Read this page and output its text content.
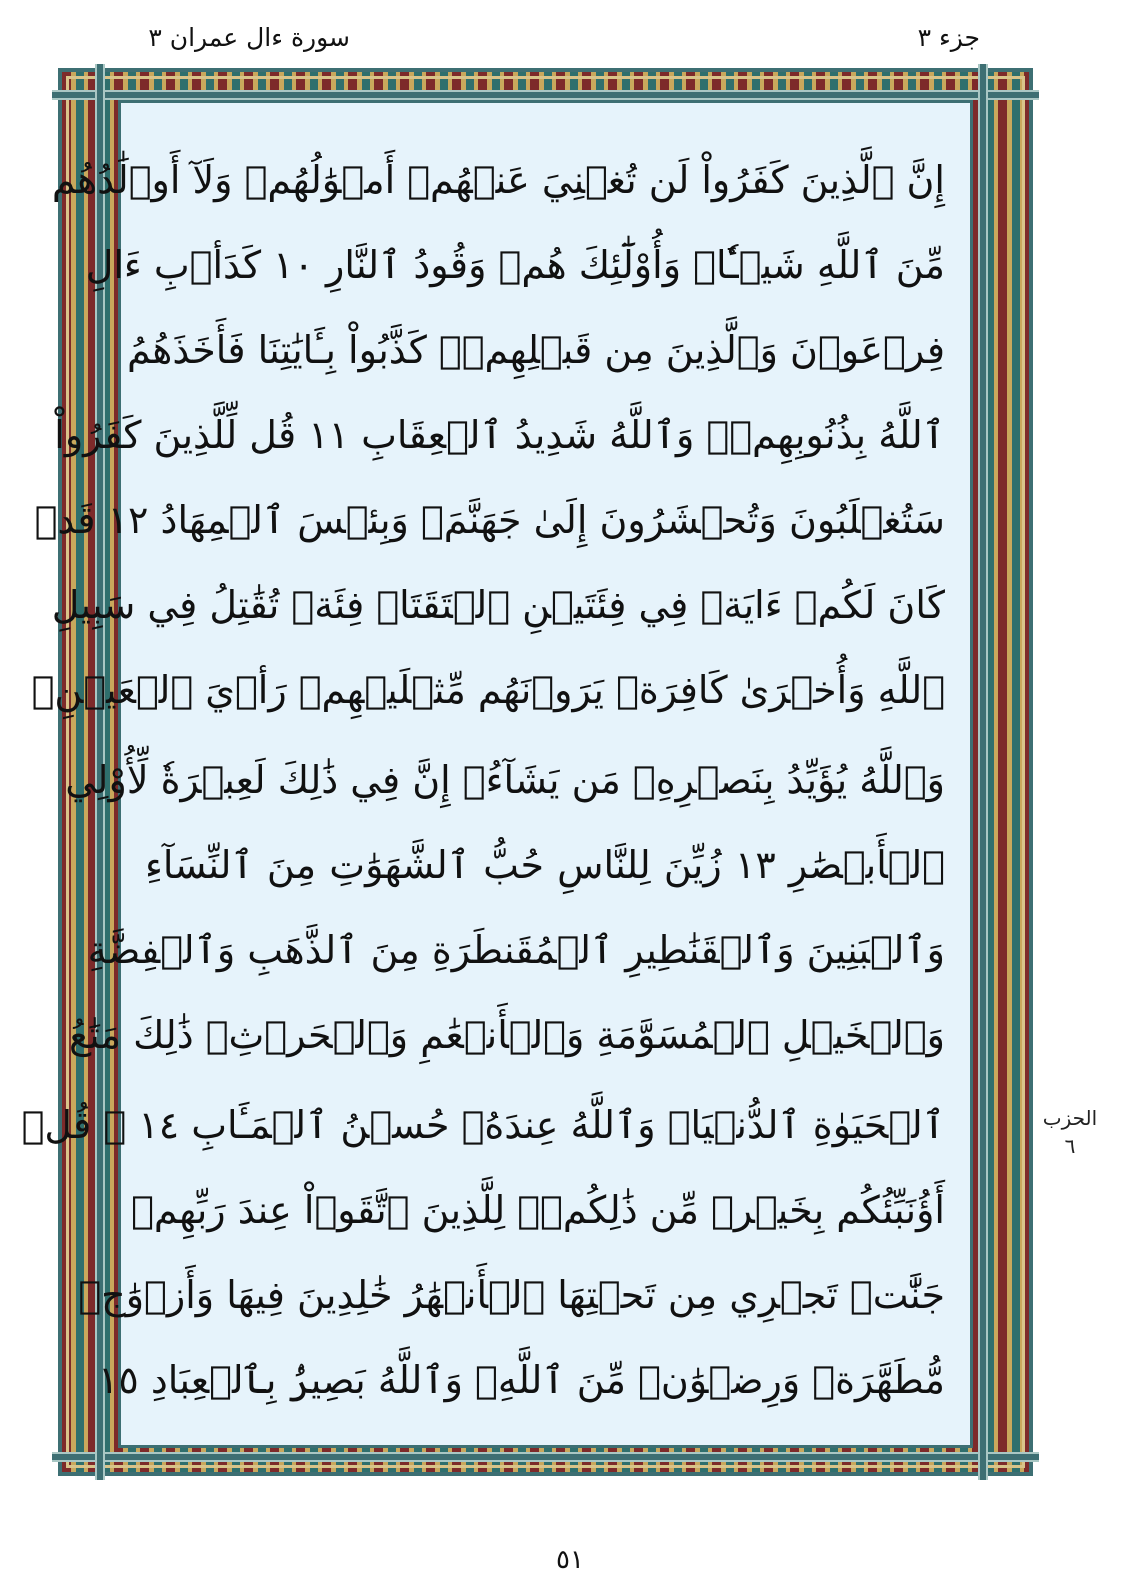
جزء ٣
سورة ءال عمران ٣
إِنَّ ٱلَّذِينَ كَفَرُواْ لَن تُغۡنِيَ عَنۡهُمۡ أَمۡوَٰلُهُمۡ وَلَآ أَوۡلَٰدُهُم
مِّنَ ٱللَّهِ شَيۡـٔٗاۖ وَأُوْلَٰٓئِكَ هُمۡ وَقُودُ ٱلنَّارِ ١٠ كَدَأۡبِ ءَالِ
فِرۡعَوۡنَ وَٱلَّذِينَ مِن قَبۡلِهِمۡۚ كَذَّبُواْ بِـَٔايَٰتِنَا فَأَخَذَهُمُ
ٱللَّهُ بِذُنُوبِهِمۡۗ وَٱللَّهُ شَدِيدُ ٱلۡعِقَابِ ١١ قُل لِّلَّذِينَ كَفَرُواْ
سَتُغۡلَبُونَ وَتُحۡشَرُونَ إِلَىٰ جَهَنَّمَۖ وَبِئۡسَ ٱلۡمِهَادُ ١٢ قَدۡ
كَانَ لَكُمۡ ءَايَةٞ فِي فِئَتَيۡنِ ٱلۡتَقَتَاۖ فِئَةٞ تُقَٰتِلُ فِي سَبِيلِ
ٱللَّهِ وَأُخۡرَىٰ كَافِرَةٞ يَرَوۡنَهُم مِّثۡلَيۡهِمۡ رَأۡيَ ٱلۡعَيۡنِۚ
وَٱللَّهُ يُؤَيِّدُ بِنَصۡرِهِۦ مَن يَشَآءُۚ إِنَّ فِي ذَٰلِكَ لَعِبۡرَةٗ لِّأُوْلِي
ٱلۡأَبۡصَٰرِ ١٣ زُيِّنَ لِلنَّاسِ حُبُّ ٱلشَّهَوَٰتِ مِنَ ٱلنِّسَآءِ
وَٱلۡبَنِينَ وَٱلۡقَنَٰطِيرِ ٱلۡمُقَنطَرَةِ مِنَ ٱلذَّهَبِ وَٱلۡفِضَّةِ
وَٱلۡخَيۡلِ ٱلۡمُسَوَّمَةِ وَٱلۡأَنۡعَٰمِ وَٱلۡحَرۡثِۗ ذَٰلِكَ مَتَٰعُ
ٱلۡحَيَوٰةِ ٱلدُّنۡيَاۖ وَٱللَّهُ عِندَهُۥ حُسۡنُ ٱلۡمَـَٔابِ ١٤ ۞ قُلۡ
أَؤُنَبِّئُكُم بِخَيۡرٖ مِّن ذَٰلِكُمۡۖ لِلَّذِينَ ٱتَّقَوۡاْ عِندَ رَبِّهِمۡ
جَنَّٰتٞ تَجۡرِي مِن تَحۡتِهَا ٱلۡأَنۡهَٰرُ خَٰلِدِينَ فِيهَا وَأَزۡوَٰجٞ
مُّطَهَّرَةٞ وَرِضۡوَٰنٞ مِّنَ ٱللَّهِۗ وَٱللَّهُ بَصِيرُۢ بِٱلۡعِبَادِ ١٥
الحزب
٦
٥١
